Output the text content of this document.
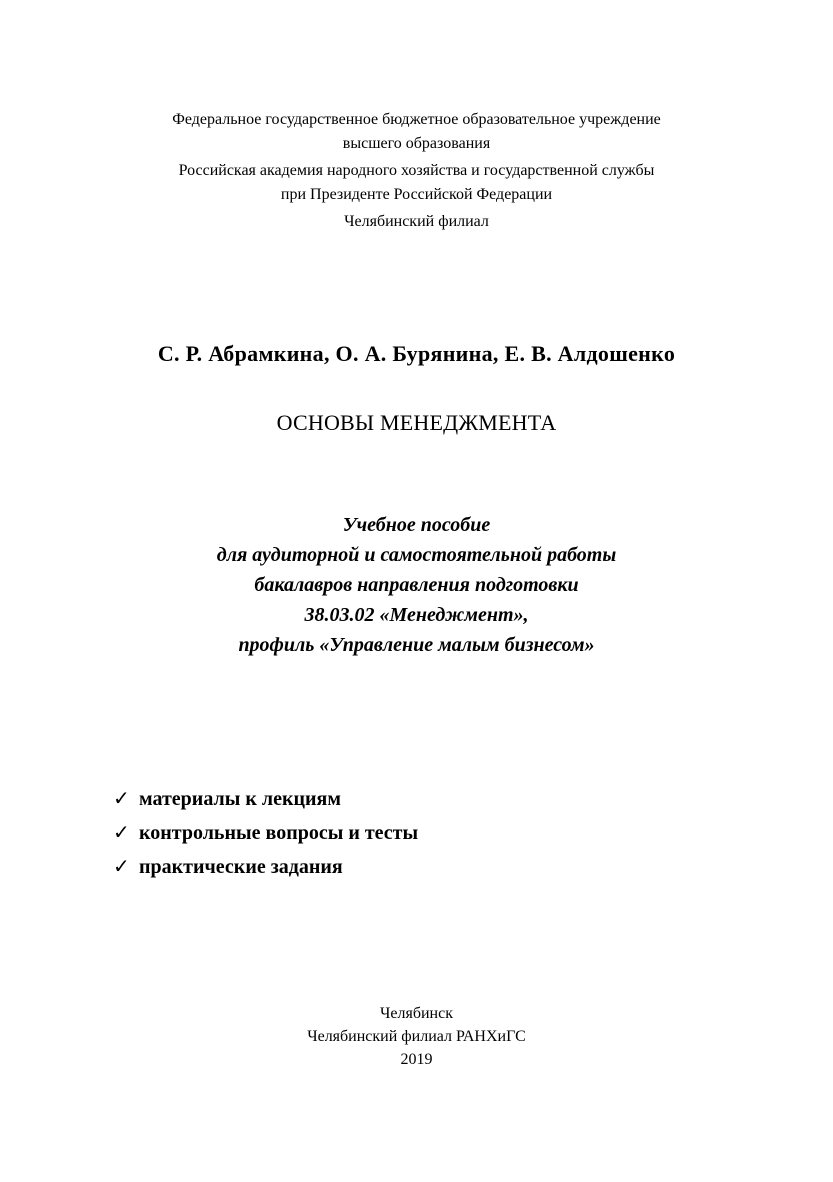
Федеральное государственное бюджетное образовательное учреждение
высшего образования
Российская академия народного хозяйства и государственной службы
при Президенте Российской Федерации
Челябинский филиал
С. Р. Абрамкина, О. А. Бурянина, Е. В. Алдошенко
ОСНОВЫ МЕНЕДЖМЕНТА
Учебное пособие
для аудиторной и самостоятельной работы
бакалавров направления подготовки
38.03.02 «Менеджмент»,
профиль «Управление малым бизнесом»
✓ материалы к лекциям
✓ контрольные вопросы и тесты
✓ практические задания
Челябинск
Челябинский филиал РАНХиГС
2019
